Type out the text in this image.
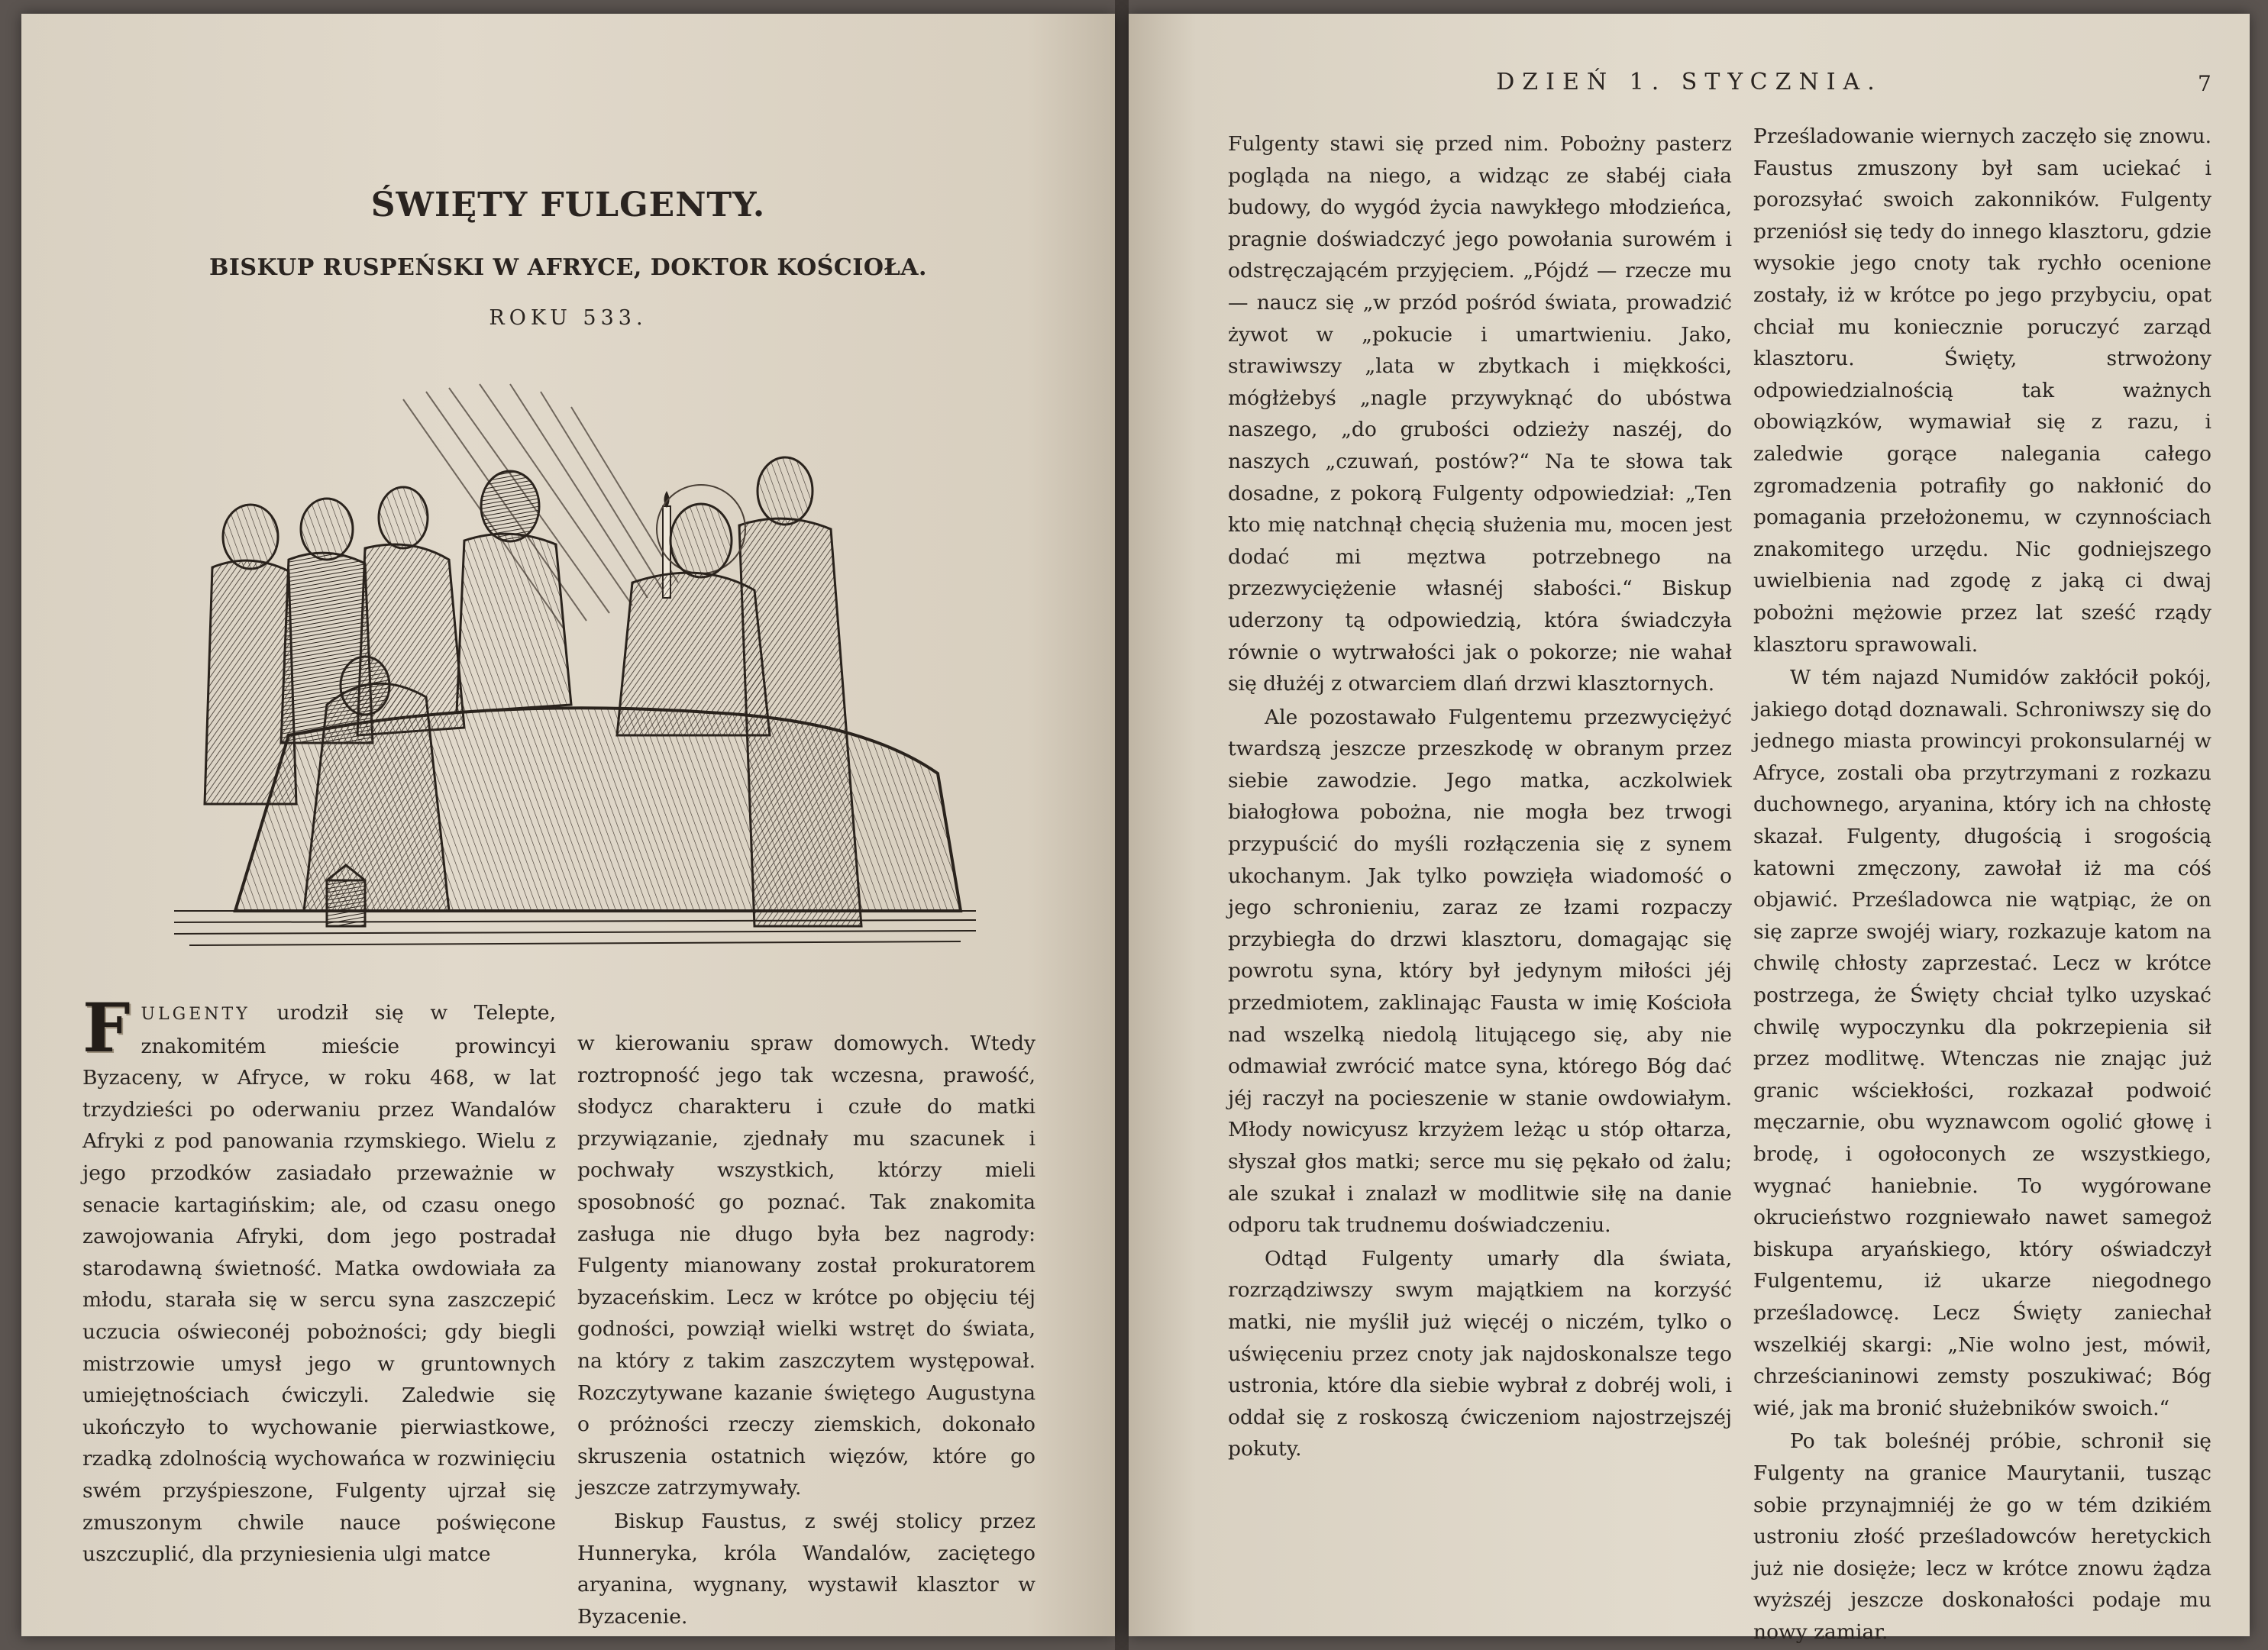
ŚWIĘTY FULGENTY.
BISKUP RUSPEŃSKI W AFRYCE, DOKTOR KOŚCIOŁA.
ROKU 533.

FULGENTY urodził się w Telepte, znakomitém mieście prowincyi Byzaceny, w Afryce, w roku 468, w lat trzydzieści po oderwaniu przez Wandalów Afryki z pod panowania rzymskiego. Wielu z jego przodków zasiadało przeważnie w senacie kartagińskim; ale, od czasu onego zawojowania Afryki, dom jego postradał starodawną świetność. Matka owdowiała za młodu, starała się w sercu syna zaszczepić uczucia oświeconéj pobożności; gdy biegli mistrzowie umysł jego w gruntownych umiejętnościach ćwiczyli. Zaledwie się ukończyło to wychowanie pierwiastkowe, rzadką zdolnością wychowańca w rozwinięciu swém przyśpieszone, Fulgenty ujrzał się zmuszonym chwile nauce poświęcone uszczuplić, dla przyniesienia ulgi matce

w kierowaniu spraw domowych. Wtedy roztropność jego tak wczesna, prawość, słodycz charakteru i czułe do matki przywiązanie, zjednały mu szacunek i pochwały wszystkich, którzy mieli sposobność go poznać. Tak znakomita zasługa nie długo była bez nagrody: Fulgenty mianowany został prokuratorem byzaceńskim. Lecz w krótce po objęciu téj godności, powziął wielki wstręt do świata, na który z takim zaszczytem występował. Rozczytywane kazanie świętego Augustyna o próżności rzeczy ziemskich, dokonało skruszenia ostatnich więzów, które go jeszcze zatrzymywały.

Biskup Faustus, z swéj stolicy przez Hunneryka, króla Wandalów, zaciętego aryanina, wygnany, wystawił klasztor w Byzacenie.

DZIEŃ 1. STYCZNIA.	7

Fulgenty stawi się przed nim. Pobożny pasterz pogląda na niego, a widząc ze słabéj ciała budowy, do wygód życia nawykłego młodzieńca, pragnie doświadczyć jego powołania surowém i odstręczającém przyjęciem. „Pójdź — rzecze mu — naucz się „w przód pośród świata, prowadzić żywot w „pokucie i umartwieniu. Jako, strawiwszy „lata w zbytkach i miękkości, mógłżebyś „nagle przywyknąć do ubóstwa naszego, „do grubości odzieży naszéj, do naszych „czuwań, postów?“ Na te słowa tak dosadne, z pokorą Fulgenty odpowiedział: „Ten kto mię natchnął chęcią służenia mu, mocen jest dodać mi męztwa potrzebnego na przezwyciężenie własnéj słabości.“ Biskup uderzony tą odpowiedzią, która świadczyła równie o wytrwałości jak o pokorze; nie wahał się dłużéj z otwarciem dlań drzwi klasztornych.

Ale pozostawało Fulgentemu przezwyciężyć twardszą jeszcze przeszkodę w obranym przez siebie zawodzie. Jego matka, aczkolwiek białogłowa pobożna, nie mogła bez trwogi przypuścić do myśli rozłączenia się z synem ukochanym. Jak tylko powzięła wiadomość o jego schronieniu, zaraz ze łzami rozpaczy przybiegła do drzwi klasztoru, domagając się powrotu syna, który był jedynym miłości jéj przedmiotem, zaklinając Fausta w imię Kościoła nad wszelką niedolą litującego się, aby nie odmawiał zwrócić matce syna, którego Bóg dać jéj raczył na pocieszenie w stanie owdowiałym. Młody nowicyusz krzyżem leżąc u stóp ołtarza, słyszał głos matki; serce mu się pękało od żalu; ale szukał i znalazł w modlitwie siłę na danie odporu tak trudnemu doświadczeniu.

Odtąd Fulgenty umarły dla świata, rozrządziwszy swym majątkiem na korzyść matki, nie myślił już więcéj o niczém, tylko o uświęceniu przez cnoty jak najdoskonalsze tego ustronia, które dla siebie wybrał z dobréj woli, i oddał się z roskoszą ćwiczeniom najostrzejszéj pokuty.

Prześladowanie wiernych zaczęło się znowu. Faustus zmuszony był sam uciekać i porozsyłać swoich zakonników. Fulgenty przeniósł się tedy do innego klasztoru, gdzie wysokie jego cnoty tak rychło ocenione zostały, iż w krótce po jego przybyciu, opat chciał mu koniecznie poruczyć zarząd klasztoru. Święty, strwożony odpowiedzialnością tak ważnych obowiązków, wymawiał się z razu, i zaledwie gorące nalegania całego zgromadzenia potrafiły go nakłonić do pomagania przełożonemu, w czynnościach znakomitego urzędu. Nic godniejszego uwielbienia nad zgodę z jaką ci dwaj pobożni mężowie przez lat sześć rządy klasztoru sprawowali.

W tém najazd Numidów zakłócił pokój, jakiego dotąd doznawali. Schroniwszy się do jednego miasta prowincyi prokonsularnéj w Afryce, zostali oba przytrzymani z rozkazu duchownego, aryanina, który ich na chłostę skazał. Fulgenty, długością i srogością katowni zmęczony, zawołał iż ma cóś objawić. Prześladowca nie wątpiąc, że on się zaprze swojéj wiary, rozkazuje katom na chwilę chłosty zaprzestać. Lecz w krótce postrzega, że Święty chciał tylko uzyskać chwilę wypoczynku dla pokrzepienia sił przez modlitwę. Wtenczas nie znając już granic wściekłości, rozkazał podwoić męczarnie, obu wyznawcom ogolić głowę i brodę, i ogołoconych ze wszystkiego, wygnać haniebnie. To wygórowane okrucieństwo rozgniewało nawet samegoż biskupa aryańskiego, który oświadczył Fulgentemu, iż ukarze niegodnego prześladowcę. Lecz Święty zaniechał wszelkiéj skargi: „Nie wolno jest, mówił, chrześcianinowi zemsty poszukiwać; Bóg wié, jak ma bronić służebników swoich.“

Po tak boleśnéj próbie, schronił się Fulgenty na granice Maurytanii, tusząc sobie przynajmniéj że go w tém dzikiém ustroniu złość prześladowców heretyckich już nie dosięże; lecz w krótce znowu żądza wyższéj jeszcze doskonałości podaje mu nowy zamiar.
